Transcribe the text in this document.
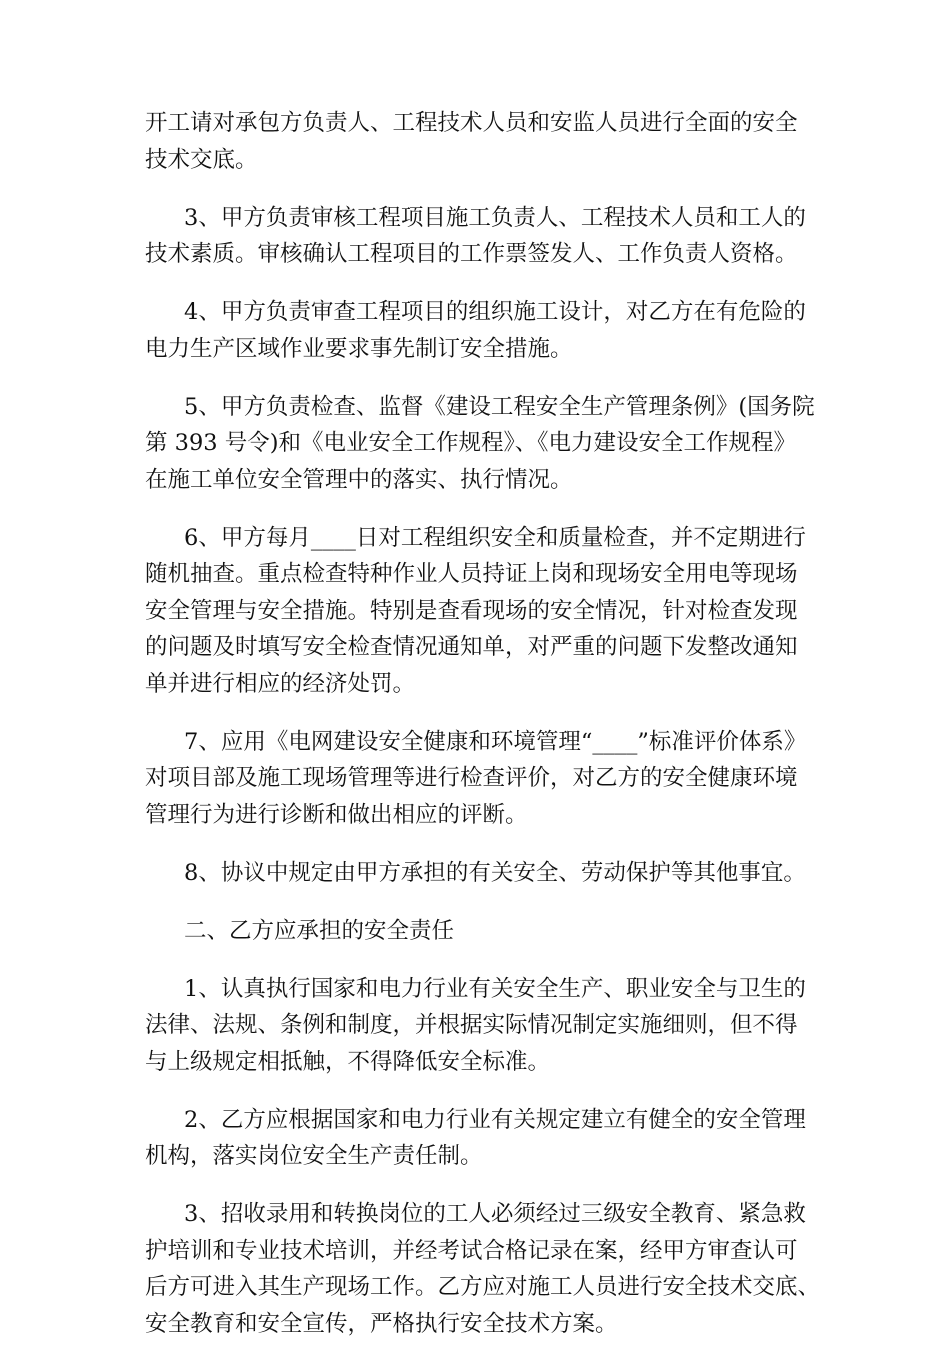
开工请对承包方负责人、工程技术人员和安监人员进行全面的安全
技术交底。

3、甲方负责审核工程项目施工负责人、工程技术人员和工人的
技术素质。审核确认工程项目的工作票签发人、工作负责人资格。

4、甲方负责审查工程项目的组织施工设计，对乙方在有危险的
电力生产区域作业要求事先制订安全措施。

5、甲方负责检查、监督《建设工程安全生产管理条例》(国务院
第 393 号令)和《电业安全工作规程》、《电力建设安全工作规程》
在施工单位安全管理中的落实、执行情况。

6、甲方每月____日对工程组织安全和质量检查，并不定期进行
随机抽查。重点检查特种作业人员持证上岗和现场安全用电等现场
安全管理与安全措施。特别是查看现场的安全情况，针对检查发现
的问题及时填写安全检查情况通知单，对严重的问题下发整改通知
单并进行相应的经济处罚。

7、应用《电网建设安全健康和环境管理“____”标准评价体系》
对项目部及施工现场管理等进行检查评价，对乙方的安全健康环境
管理行为进行诊断和做出相应的评断。

8、协议中规定由甲方承担的有关安全、劳动保护等其他事宜。

二、乙方应承担的安全责任

1、认真执行国家和电力行业有关安全生产、职业安全与卫生的
法律、法规、条例和制度，并根据实际情况制定实施细则，但不得
与上级规定相抵触，不得降低安全标准。

2、乙方应根据国家和电力行业有关规定建立有健全的安全管理
机构，落实岗位安全生产责任制。

3、招收录用和转换岗位的工人必须经过三级安全教育、紧急救
护培训和专业技术培训，并经考试合格记录在案，经甲方审查认可
后方可进入其生产现场工作。乙方应对施工人员进行安全技术交底、
安全教育和安全宣传，严格执行安全技术方案。
